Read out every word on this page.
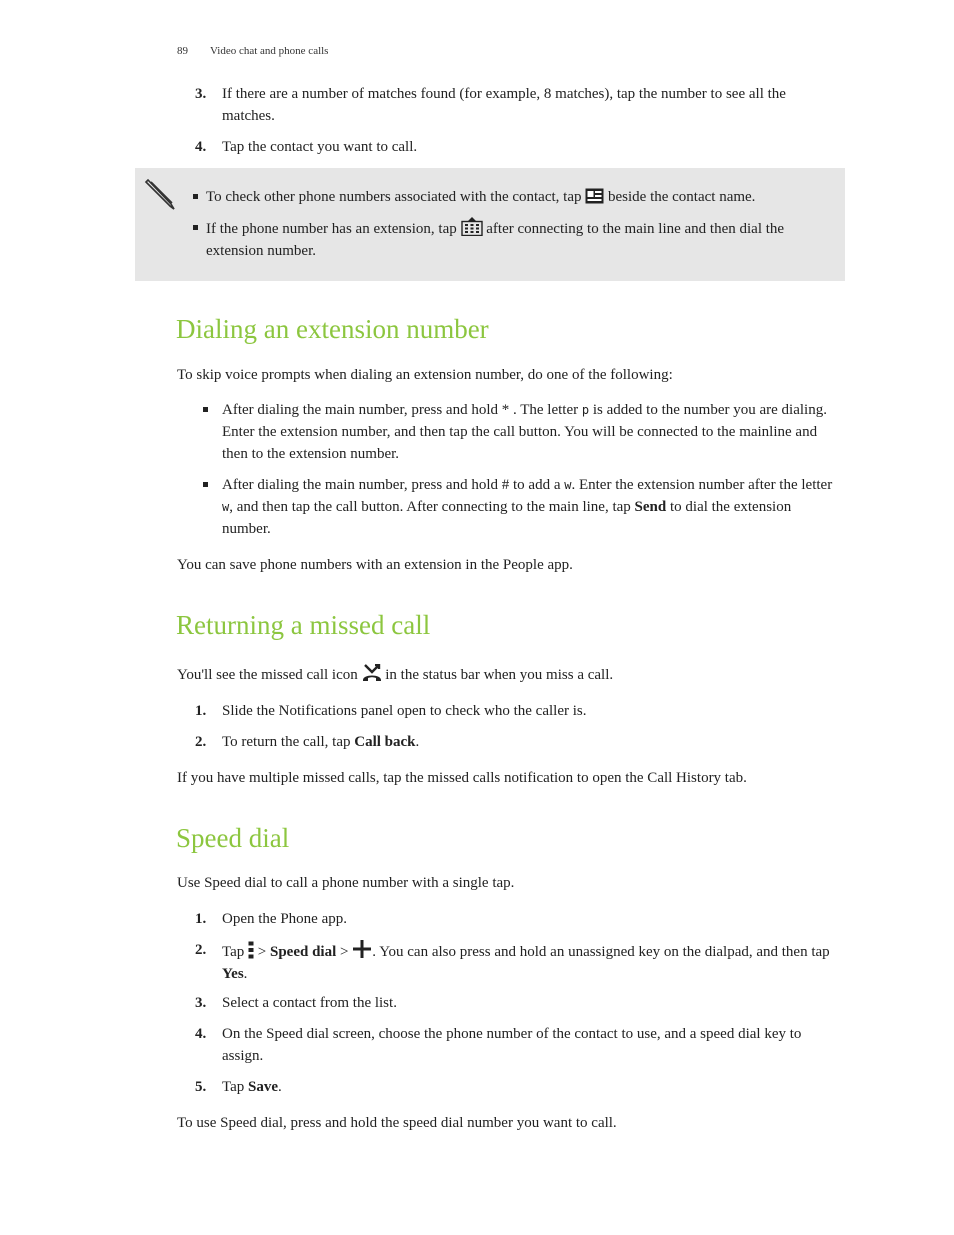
89 Video chat and phone calls
3.	If there are a number of matches found (for example, 8 matches), tap the number to see all the matches.
4.	Tap the contact you want to call.
To check other phone numbers associated with the contact, tap beside the contact name.
If the phone number has an extension, tap after connecting to the main line and then dial the extension number.
Dialing an extension number
To skip voice prompts when dialing an extension number, do one of the following:
After dialing the main number, press and hold * . The letter p is added to the number you are dialing. Enter the extension number, and then tap the call button. You will be connected to the mainline and then to the extension number.
After dialing the main number, press and hold # to add a w. Enter the extension number after the letter w, and then tap the call button. After connecting to the main line, tap Send to dial the extension number.
You can save phone numbers with an extension in the People app.
Returning a missed call
You'll see the missed call icon in the status bar when you miss a call.
1.	Slide the Notifications panel open to check who the caller is.
2.	To return the call, tap Call back.
If you have multiple missed calls, tap the missed calls notification to open the Call History tab.
Speed dial
Use Speed dial to call a phone number with a single tap.
1.	Open the Phone app.
2.	Tap  > Speed dial > . You can also press and hold an unassigned key on the dialpad, and then tap Yes.
3.	Select a contact from the list.
4.	On the Speed dial screen, choose the phone number of the contact to use, and a speed dial key to assign.
5.	Tap Save.
To use Speed dial, press and hold the speed dial number you want to call.
